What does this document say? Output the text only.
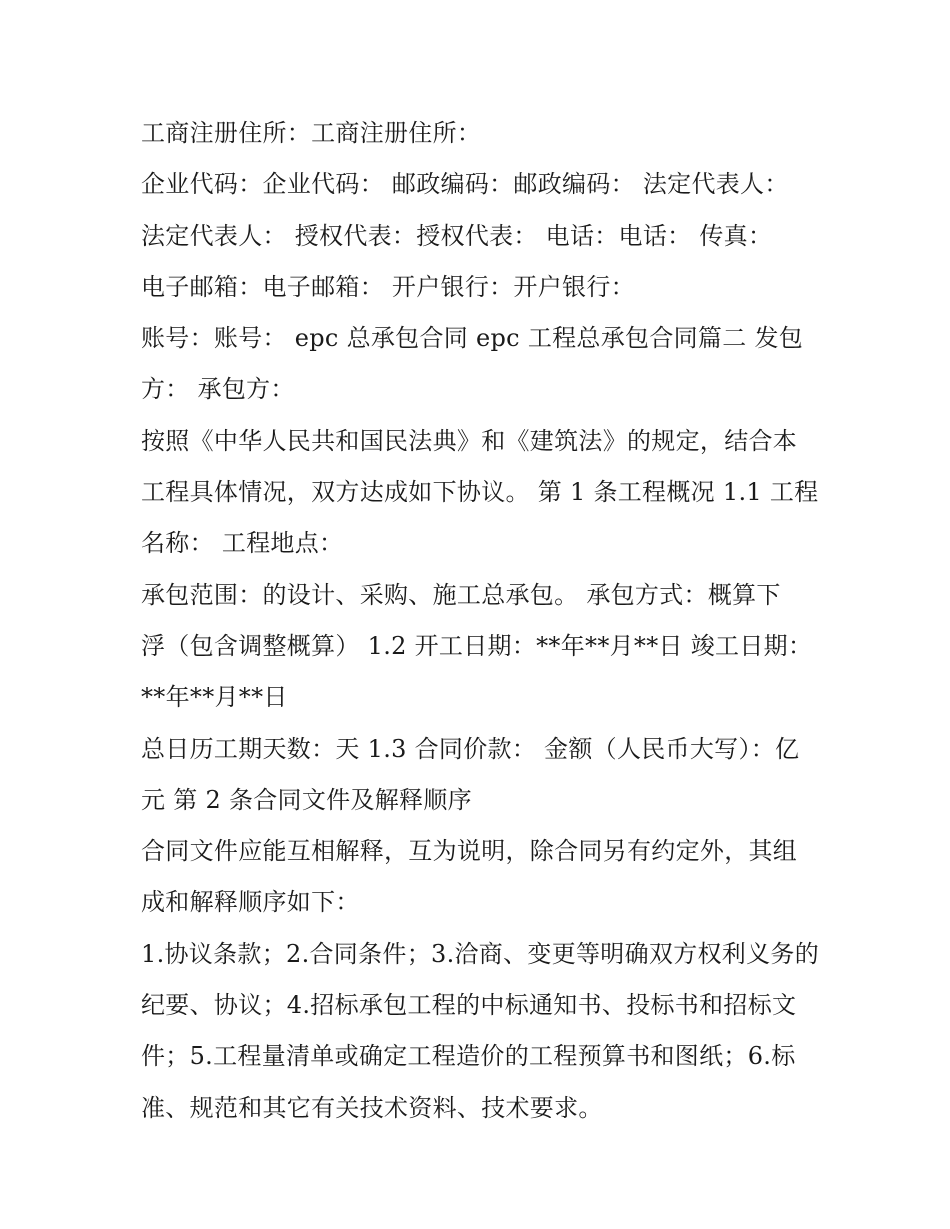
工商注册住所：工商注册住所：
企业代码：企业代码： 邮政编码：邮政编码： 法定代表人：
法定代表人： 授权代表：授权代表： 电话：电话： 传真：
电子邮箱：电子邮箱： 开户银行：开户银行：
账号：账号： epc 总承包合同 epc 工程总承包合同篇二 发包
方： 承包方：
按照《中华人民共和国民法典》和《建筑法》的规定，结合本
工程具体情况，双方达成如下协议。 第 1 条工程概况 1.1 工程
名称： 工程地点：
承包范围：的设计、采购、施工总承包。 承包方式：概算下
浮（包含调整概算） 1.2 开工日期：**年**月**日 竣工日期：
**年**月**日
总日历工期天数：天 1.3 合同价款： 金额（人民币大写）：亿
元 第 2 条合同文件及解释顺序
合同文件应能互相解释，互为说明，除合同另有约定外，其组
成和解释顺序如下：
1.协议条款；2.合同条件；3.洽商、变更等明确双方权利义务的
纪要、协议；4.招标承包工程的中标通知书、投标书和招标文
件；5.工程量清单或确定工程造价的工程预算书和图纸；6.标
准、规范和其它有关技术资料、技术要求。
